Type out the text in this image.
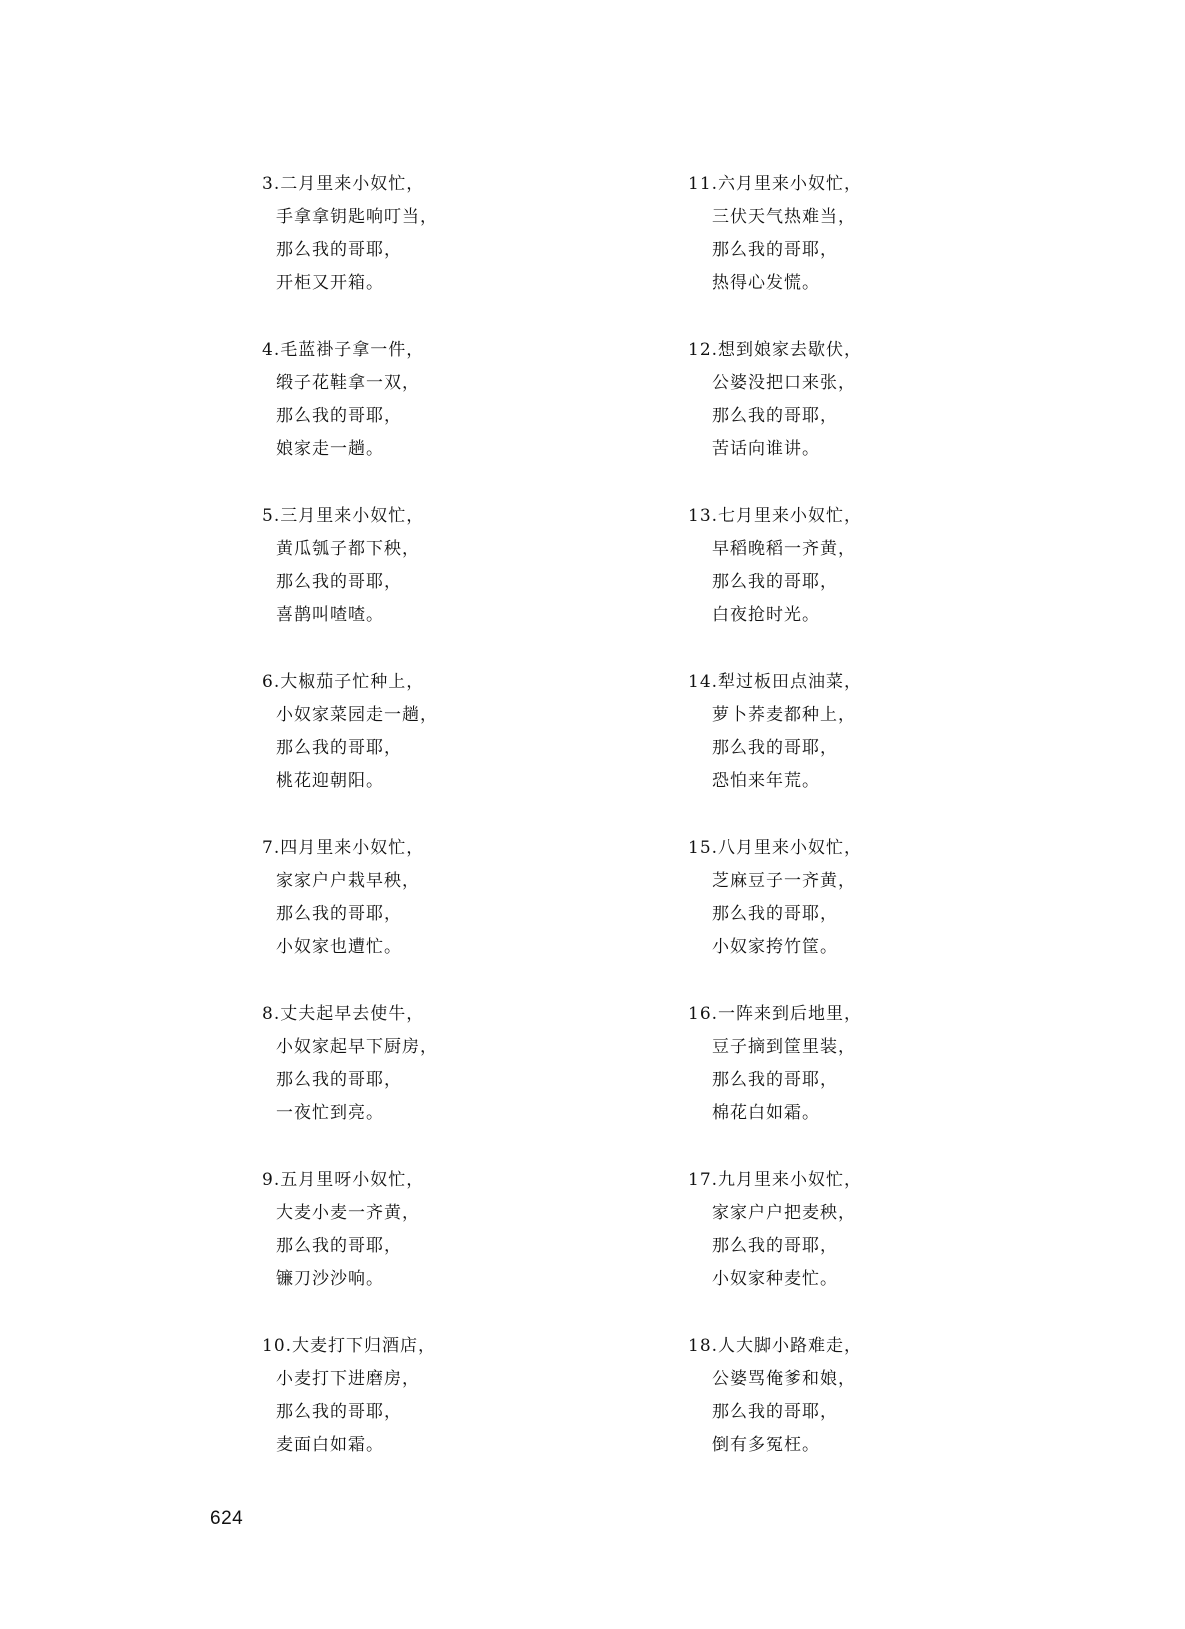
3.二月里来小奴忙，
手拿拿钥匙响叮当，
那么我的哥耶，
开柜又开箱。
4.毛蓝褂子拿一件，
缎子花鞋拿一双，
那么我的哥耶，
娘家走一趟。
5.三月里来小奴忙，
黄瓜瓠子都下秧，
那么我的哥耶，
喜鹊叫喳喳。
6.大椒茄子忙种上，
小奴家菜园走一趟，
那么我的哥耶，
桃花迎朝阳。
7.四月里来小奴忙，
家家户户栽早秧，
那么我的哥耶，
小奴家也遭忙。
8.丈夫起早去使牛，
小奴家起早下厨房，
那么我的哥耶，
一夜忙到亮。
9.五月里呀小奴忙，
大麦小麦一齐黄，
那么我的哥耶，
镰刀沙沙响。
10.大麦打下归酒店，
小麦打下进磨房，
那么我的哥耶，
麦面白如霜。
11.六月里来小奴忙，
三伏天气热难当，
那么我的哥耶，
热得心发慌。
12.想到娘家去歇伏，
公婆没把口来张，
那么我的哥耶，
苦话向谁讲。
13.七月里来小奴忙，
早稻晚稻一齐黄，
那么我的哥耶，
白夜抢时光。
14.犁过板田点油菜，
萝卜荞麦都种上，
那么我的哥耶，
恐怕来年荒。
15.八月里来小奴忙，
芝麻豆子一齐黄，
那么我的哥耶，
小奴家挎竹筐。
16.一阵来到后地里，
豆子摘到筐里装，
那么我的哥耶，
棉花白如霜。
17.九月里来小奴忙，
家家户户把麦秧，
那么我的哥耶，
小奴家种麦忙。
18.人大脚小路难走，
公婆骂俺爹和娘，
那么我的哥耶，
倒有多冤枉。
624
